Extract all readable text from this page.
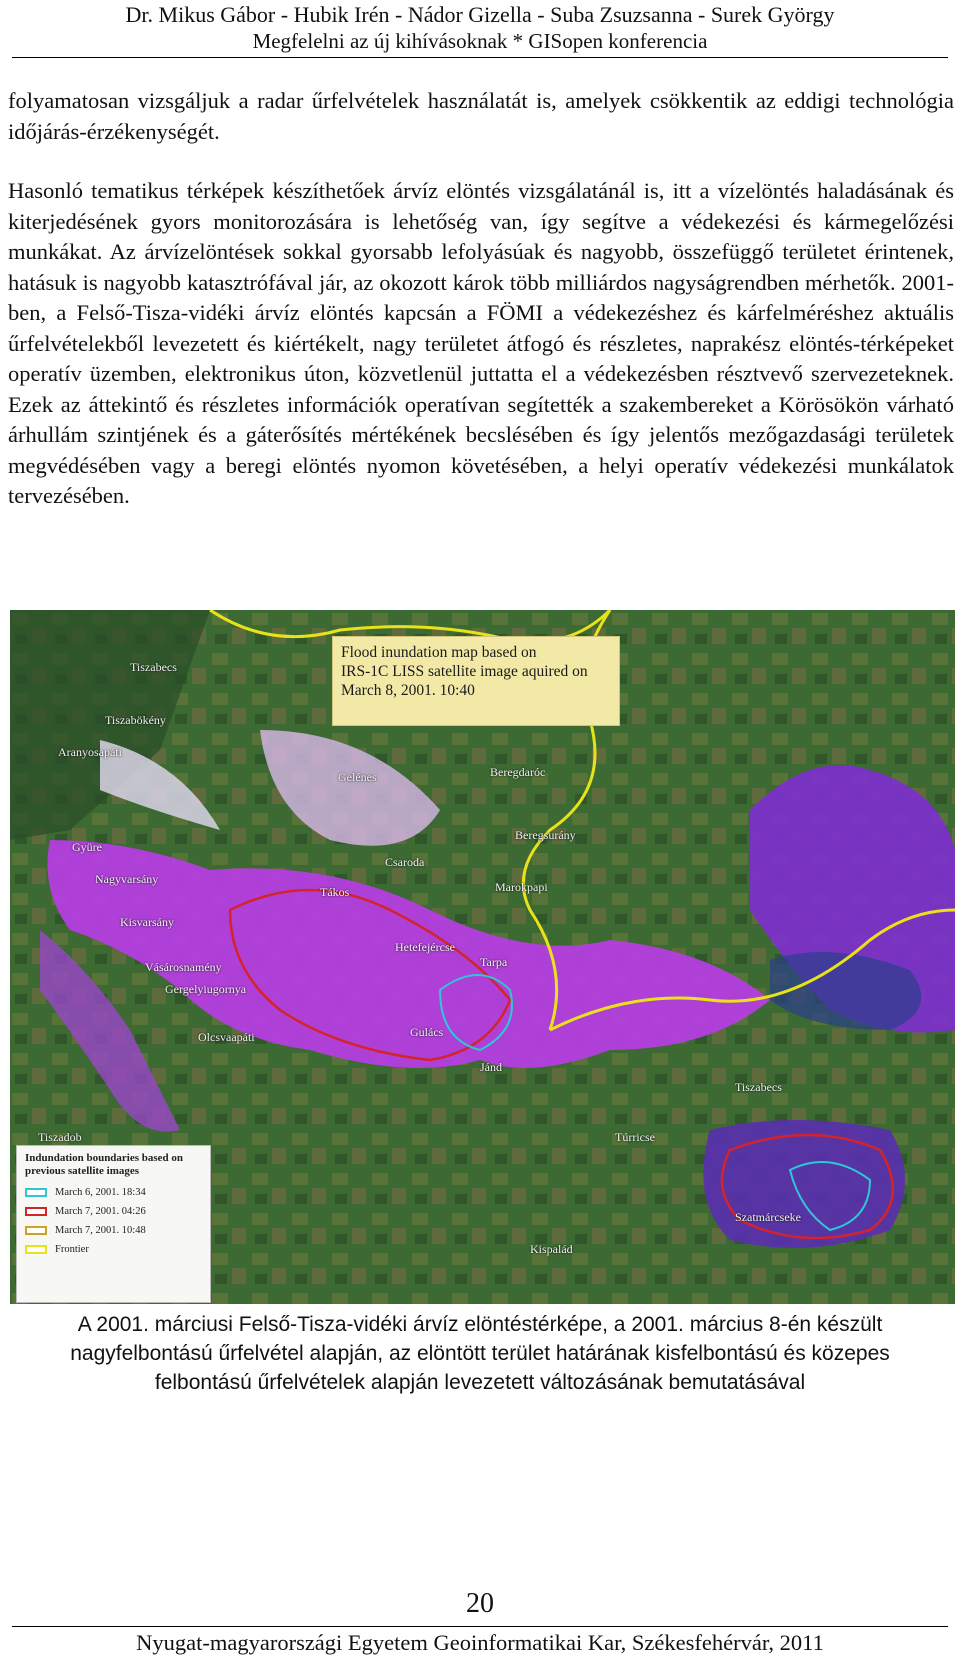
Dr. Mikus Gábor - Hubik Irén - Nádor Gizella - Suba Zsuzsanna - Surek György
Megfelelni az új kihívásoknak * GISopen konferencia

folyamatosan vizsgáljuk a radar űrfelvételek használatát is, amelyek csökkentik az eddigi technológia időjárás-érzékenységét.

Hasonló tematikus térképek készíthetőek árvíz elöntés vizsgálatánál is, itt a vízelöntés haladásának és kiterjedésének gyors monitorozására is lehetőség van, így segítve a védekezési és kármegelőzési munkákat. Az árvízelöntések sokkal gyorsabb lefolyásúak és nagyobb, összefüggő területet érintenek, hatásuk is nagyobb katasztrófával jár, az okozott károk több milliárdos nagyságrendben mérhetők. 2001-ben, a Felső-Tisza-vidéki árvíz elöntés kapcsán a FÖMI a védekezéshez és kárfelméréshez aktuális űrfelvételekből levezetett és kiértékelt, nagy területet átfogó és részletes, naprakész elöntés-térképeket operatív üzemben, elektronikus úton, közvetlenül juttatta el a védekezésben résztvevő szervezeteknek. Ezek az áttekintő és részletes információk operatívan segítették a szakembereket a Körösökön várható árhullám szintjének és a gáterősítés mértékének becslésében és így jelentős mezőgazdasági területek megvédésében vagy a beregi elöntés nyomon követésében, a helyi operatív védekezési munkálatok tervezésében.

Flood inundation map based on
IRS-1C LISS satellite image aquired on
March 8, 2001. 10:40
Tiszabecs
Tiszabökény
Aranyosapáti
Gyüre
Nagyvarsány
Kisvarsány
Vásárosnamény
Gergelyiugornya
Olcsvaapáti
Gelénes	Beregdaróc
Beregsurány
Csaroda
Marokpapi
Tákos
Hetefejércse
Tarpa
Gulács
Jánd
Tiszabecs
Túrricse
Szatmárcseke
Kispalád
Tiszadob
Indundation boundaries based on previous satellite images
March 6, 2001. 18:34
March 7, 2001. 04:26
March 7, 2001. 10:48
Frontier
A 2001. márciusi Felső-Tisza-vidéki árvíz elöntéstérképe, a 2001. március 8-én készült
nagyfelbontású űrfelvétel alapján, az elöntött terület határának kisfelbontású és közepes
felbontású űrfelvételek alapján levezetett változásának bemutatásával
20
Nyugat-magyarországi Egyetem Geoinformatikai Kar, Székesfehérvár, 2011
